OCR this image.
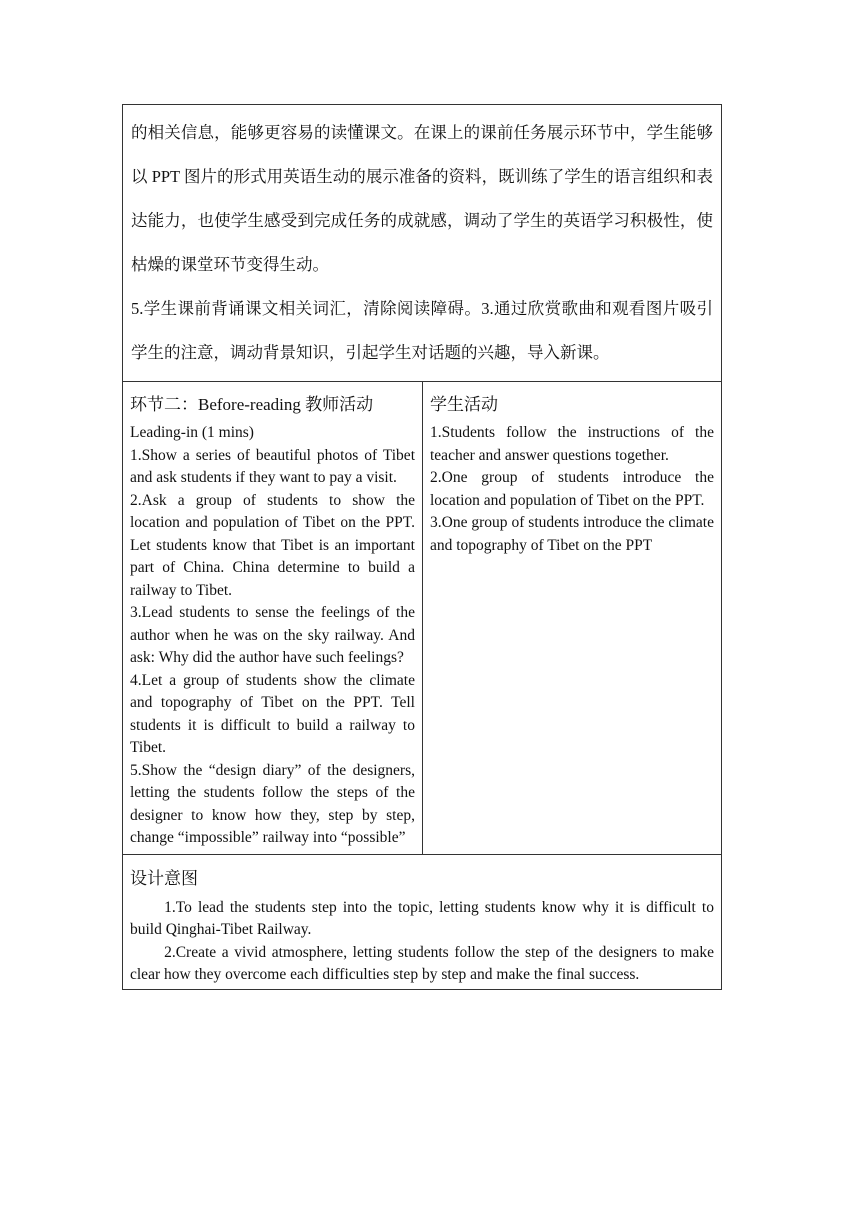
的相关信息，能够更容易的读懂课文。在课上的课前任务展示环节中，学生能够以 PPT 图片的形式用英语生动的展示准备的资料，既训练了学生的语言组织和表达能力，也使学生感受到完成任务的成就感，调动了学生的英语学习积极性，使枯燥的课堂环节变得生动。

5.学生课前背诵课文相关词汇，清除阅读障碍。3.通过欣赏歌曲和观看图片吸引学生的注意，调动背景知识，引起学生对话题的兴趣，导入新课。

环节二：Before-reading 教师活动

Leading-in (1 mins)

1.Show a series of beautiful photos of Tibet and ask students if they want to pay a visit.

2.Ask a group of students to show the location and population of Tibet on the PPT. Let students know that Tibet is an important part of China. China determine to build a railway to Tibet.

3.Lead students to sense the feelings of the author when he was on the sky railway. And ask: Why did the author have such feelings?

4.Let a group of students show the climate and topography of Tibet on the PPT. Tell students it is difficult to build a railway to Tibet.

5.Show the “design diary” of the designers, letting the students follow the steps of the designer to know how they, step by step, change “impossible” railway into “possible”

学生活动

1.Students follow the instructions of the teacher and answer questions together.

2.One group of students introduce the location and population of Tibet on the PPT.

3.One group of students introduce the climate and topography of Tibet on the PPT

设计意图

1.To lead the students step into the topic, letting students know why it is difficult to build Qinghai-Tibet Railway.

2.Create a vivid atmosphere, letting students follow the step of the designers to make clear how they overcome each difficulties step by step and make the final success.
